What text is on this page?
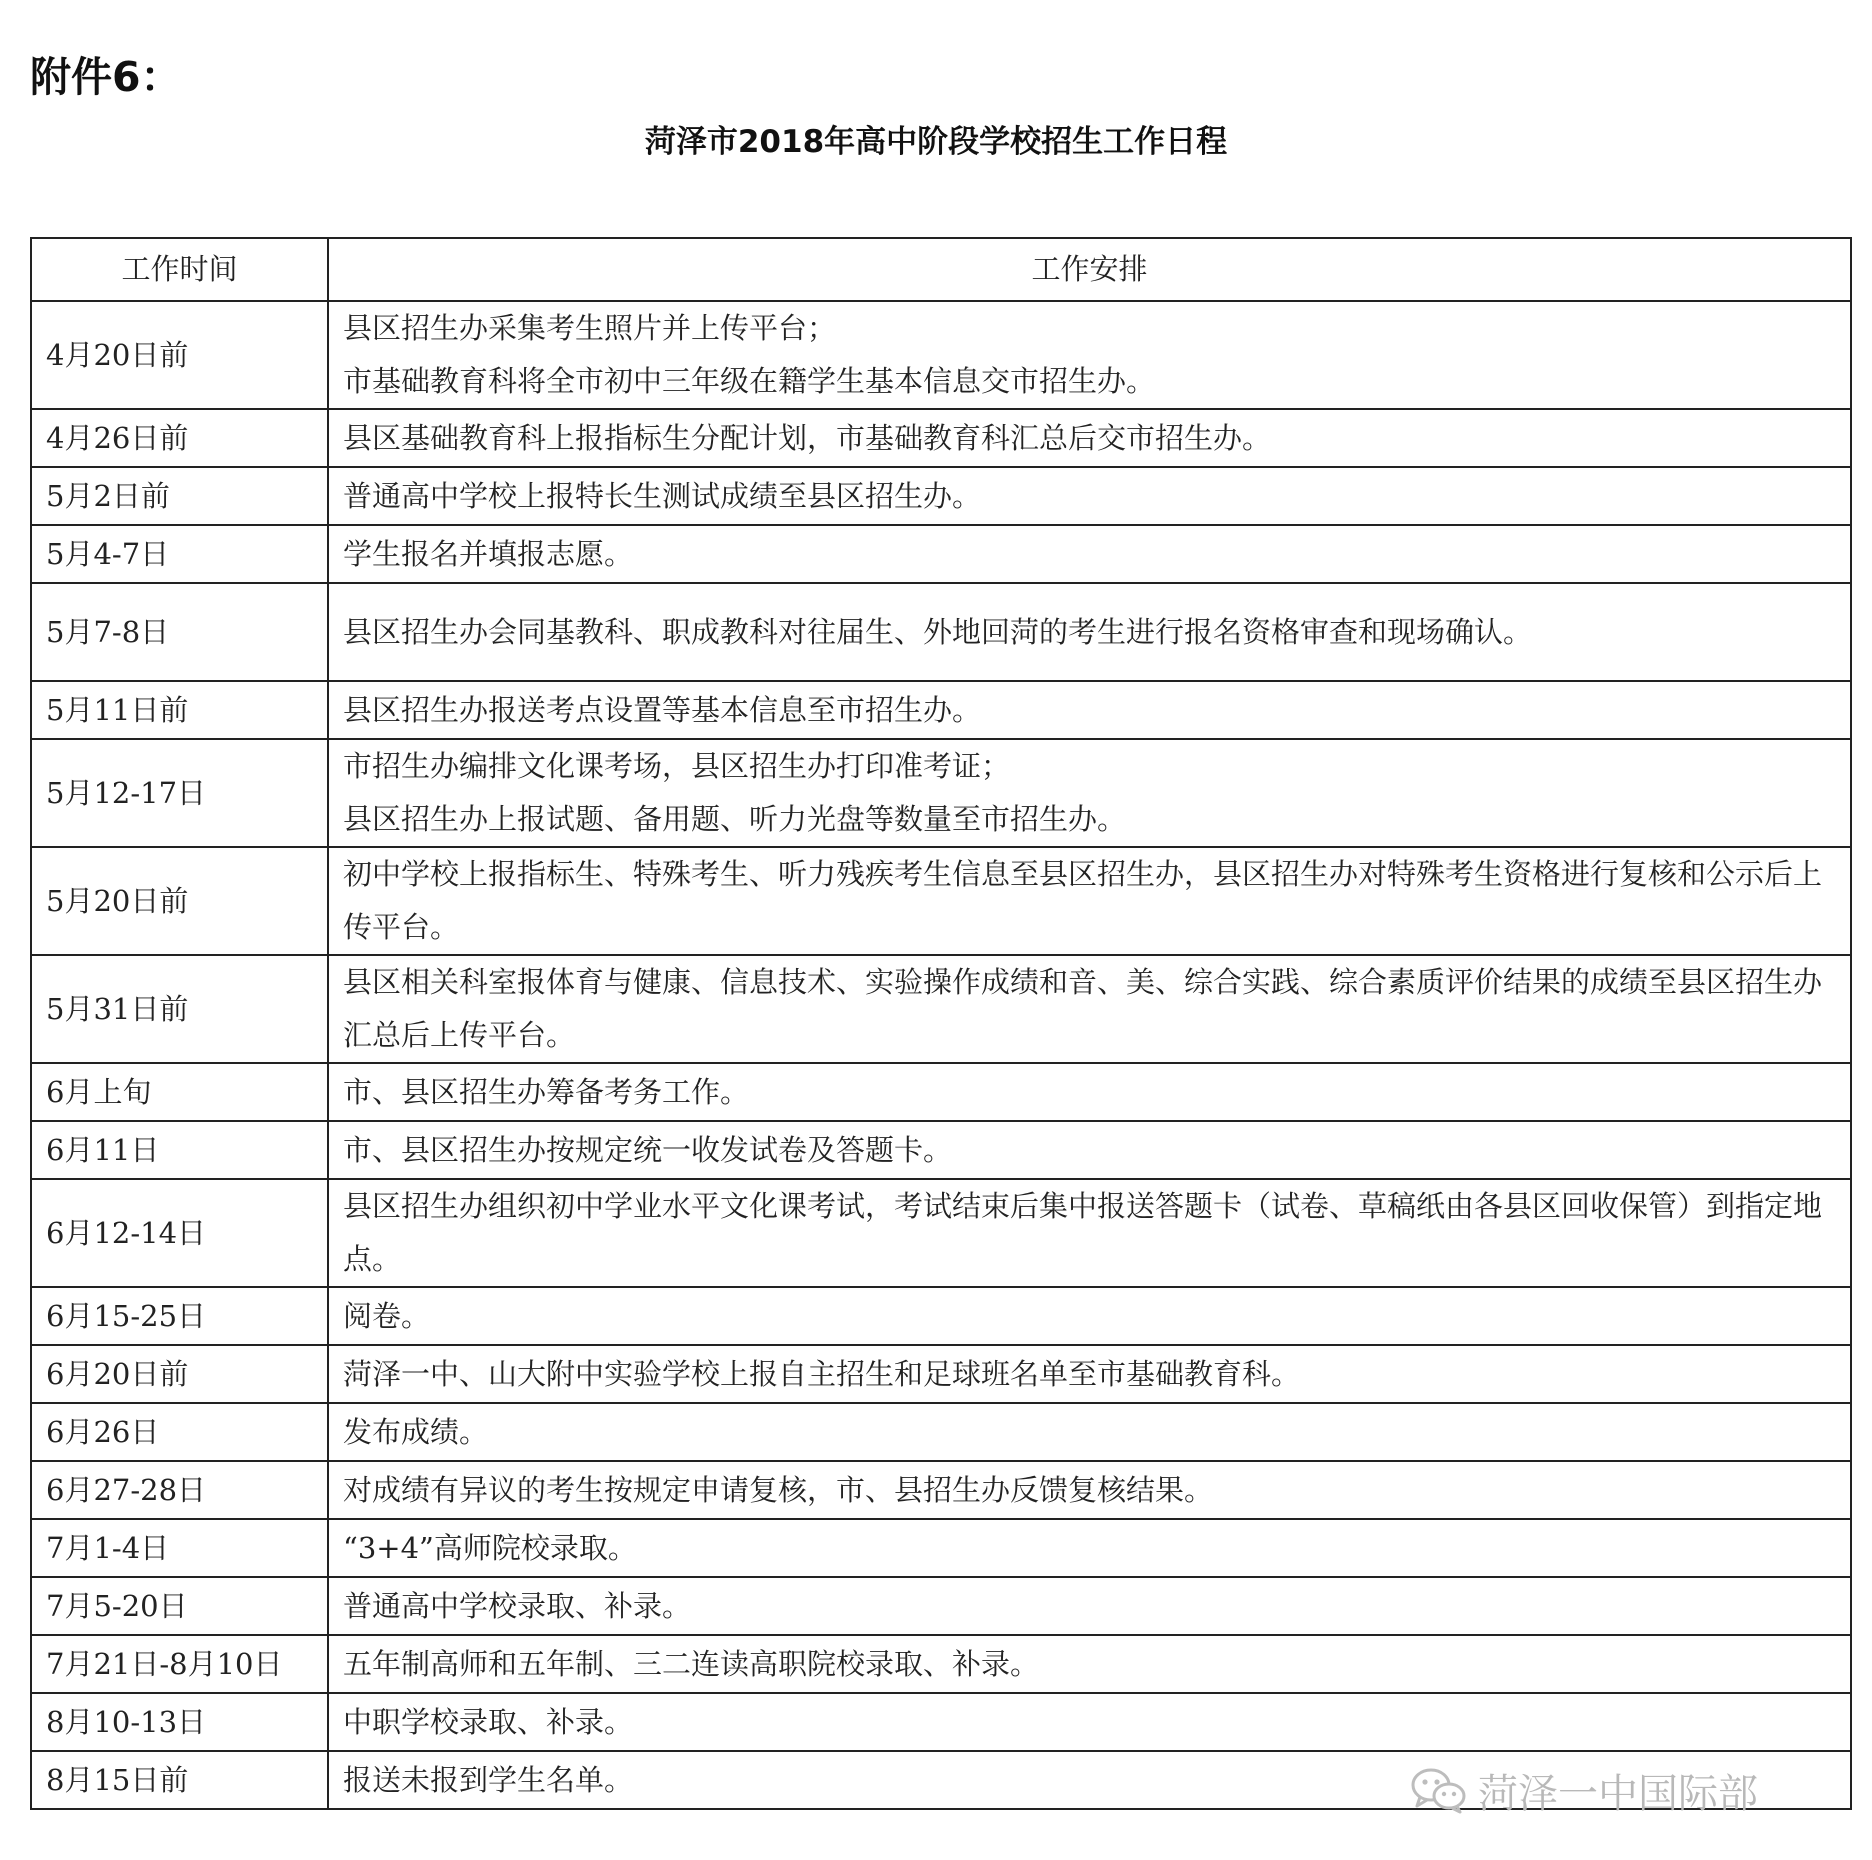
附件6：
菏泽市2018年高中阶段学校招生工作日程
工作时间	工作安排
4月20日前	县区招生办采集考生照片并上传平台；
市基础教育科将全市初中三年级在籍学生基本信息交市招生办。
4月26日前	县区基础教育科上报指标生分配计划，市基础教育科汇总后交市招生办。
5月2日前	普通高中学校上报特长生测试成绩至县区招生办。
5月4-7日	学生报名并填报志愿。
5月7-8日	县区招生办会同基教科、职成教科对往届生、外地回菏的考生进行报名资格审查和现场确认。
5月11日前	县区招生办报送考点设置等基本信息至市招生办。
5月12-17日	市招生办编排文化课考场，县区招生办打印准考证；
县区招生办上报试题、备用题、听力光盘等数量至市招生办。
5月20日前	初中学校上报指标生、特殊考生、听力残疾考生信息至县区招生办，县区招生办对特殊考生资格进行复核和公示后上传平台。
5月31日前	县区相关科室报体育与健康、信息技术、实验操作成绩和音、美、综合实践、综合素质评价结果的成绩至县区招生办汇总后上传平台。
6月上旬	市、县区招生办筹备考务工作。
6月11日	市、县区招生办按规定统一收发试卷及答题卡。
6月12-14日	县区招生办组织初中学业水平文化课考试，考试结束后集中报送答题卡（试卷、草稿纸由各县区回收保管）到指定地点。
6月15-25日	阅卷。
6月20日前	菏泽一中、山大附中实验学校上报自主招生和足球班名单至市基础教育科。
6月26日	发布成绩。
6月27-28日	对成绩有异议的考生按规定申请复核，市、县招生办反馈复核结果。
7月1-4日	“3+4”高师院校录取。
7月5-20日	普通高中学校录取、补录。
7月21日-8月10日	五年制高师和五年制、三二连读高职院校录取、补录。
8月10-13日	中职学校录取、补录。
8月15日前	报送未报到学生名单。	菏泽一中国际部
